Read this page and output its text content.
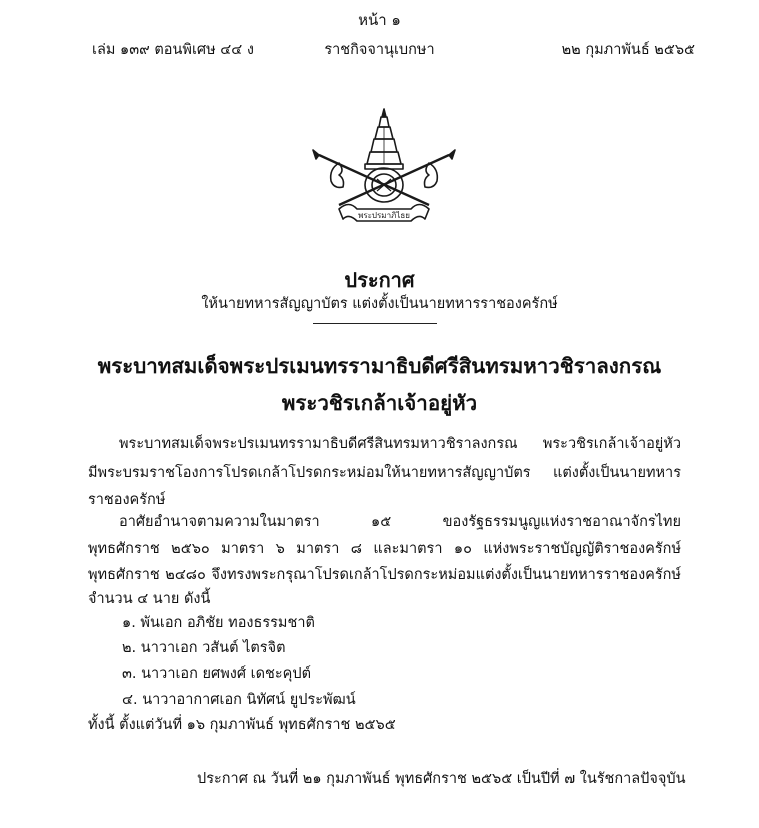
หน้า ๑
เล่ม ๑๓๙ ตอนพิเศษ ๔๔ ง	ราชกิจจานุเบกษา	๒๒ กุมภาพันธ์ ๒๕๖๕
พระปรมาภิไธย
ประกาศ
ให้นายทหารสัญญาบัตร แต่งตั้งเป็นนายทหารราชองครักษ์
พระบาทสมเด็จพระปรเมนทรรามาธิบดีศรีสินทรมหาวชิราลงกรณ
พระวชิรเกล้าเจ้าอยู่หัว
พระบาทสมเด็จพระปรเมนทรรามาธิบดีศรีสินทรมหาวชิราลงกรณ พระวชิรเกล้าเจ้าอยู่หัว
มีพระบรมราชโองการโปรดเกล้าโปรดกระหม่อมให้นายทหารสัญญาบัตร แต่งตั้งเป็นนายทหาร
ราชองครักษ์
อาศัยอำนาจตามความในมาตรา ๑๕ ของรัฐธรรมนูญแห่งราชอาณาจักรไทย
พุทธศักราช ๒๕๖๐ มาตรา ๖ มาตรา ๘ และมาตรา ๑๐ แห่งพระราชบัญญัติราชองครักษ์
พุทธศักราช ๒๔๘๐ จึงทรงพระกรุณาโปรดเกล้าโปรดกระหม่อมแต่งตั้งเป็นนายทหารราชองครักษ์
จำนวน ๔ นาย ดังนี้
๑. พันเอก อภิชัย ทองธรรมชาติ
๒. นาวาเอก วสันต์ ไตรจิต
๓. นาวาเอก ยศพงศ์ เดชะคุปต์
๔. นาวาอากาศเอก นิทัศน์ ยูประพัฒน์
ทั้งนี้ ตั้งแต่วันที่ ๑๖ กุมภาพันธ์ พุทธศักราช ๒๕๖๕
ประกาศ ณ วันที่ ๒๑ กุมภาพันธ์ พุทธศักราช ๒๕๖๕ เป็นปีที่ ๗ ในรัชกาลปัจจุบัน
